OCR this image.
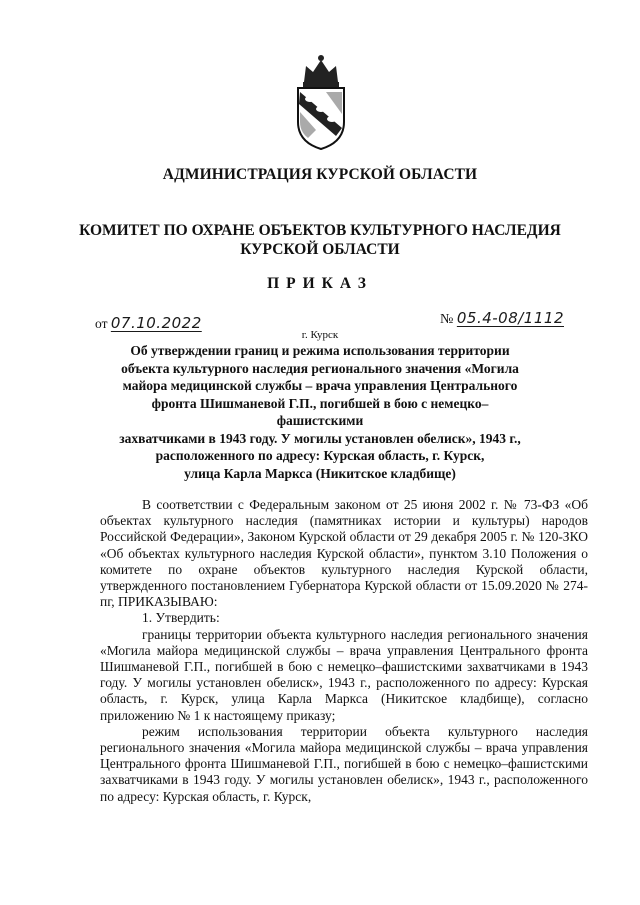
АДМИНИСТРАЦИЯ КУРСКОЙ ОБЛАСТИ
КОМИТЕТ ПО ОХРАНЕ ОБЪЕКТОВ КУЛЬТУРНОГО НАСЛЕДИЯ
КУРСКОЙ ОБЛАСТИ
ПРИКАЗ
от 07.10.2022	№ 05.4-08/1112
г. Курск
Об утверждении границ и режима использования территории
объекта культурного наследия регионального значения «Могила
майора медицинской службы – врача управления Центрального
фронта Шишманевой Г.П., погибшей в бою с немецко–фашистскими
захватчиками в 1943 году. У могилы установлен обелиск», 1943 г.,
расположенного по адресу: Курская область, г. Курск,
улица Карла Маркса (Никитское кладбище)

В соответствии с Федеральным законом от 25 июня 2002 г. № 73-ФЗ «Об объектах культурного наследия (памятниках истории и культуры) народов Российской Федерации», Законом Курской области от 29 декабря 2005 г. № 120-ЗКО «Об объектах культурного наследия Курской области», пунктом 3.10 Положения о комитете по охране объектов культурного наследия Курской области, утвержденного постановлением Губернатора Курской области от 15.09.2020 № 274-пг, ПРИКАЗЫВАЮ:

1. Утвердить:

границы территории объекта культурного наследия регионального значения «Могила майора медицинской службы – врача управления Центрального фронта Шишманевой Г.П., погибшей в бою с немецко–фашистскими захватчиками в 1943 году. У могилы установлен обелиск», 1943 г., расположенного по адресу: Курская область, г. Курск, улица Карла Маркса (Никитское кладбище), согласно приложению № 1 к настоящему приказу;

режим использования территории объекта культурного наследия регионального значения «Могила майора медицинской службы – врача управления Центрального фронта Шишманевой Г.П., погибшей в бою с немецко–фашистскими захватчиками в 1943 году. У могилы установлен обелиск», 1943 г., расположенного по адресу: Курская область, г. Курск,
